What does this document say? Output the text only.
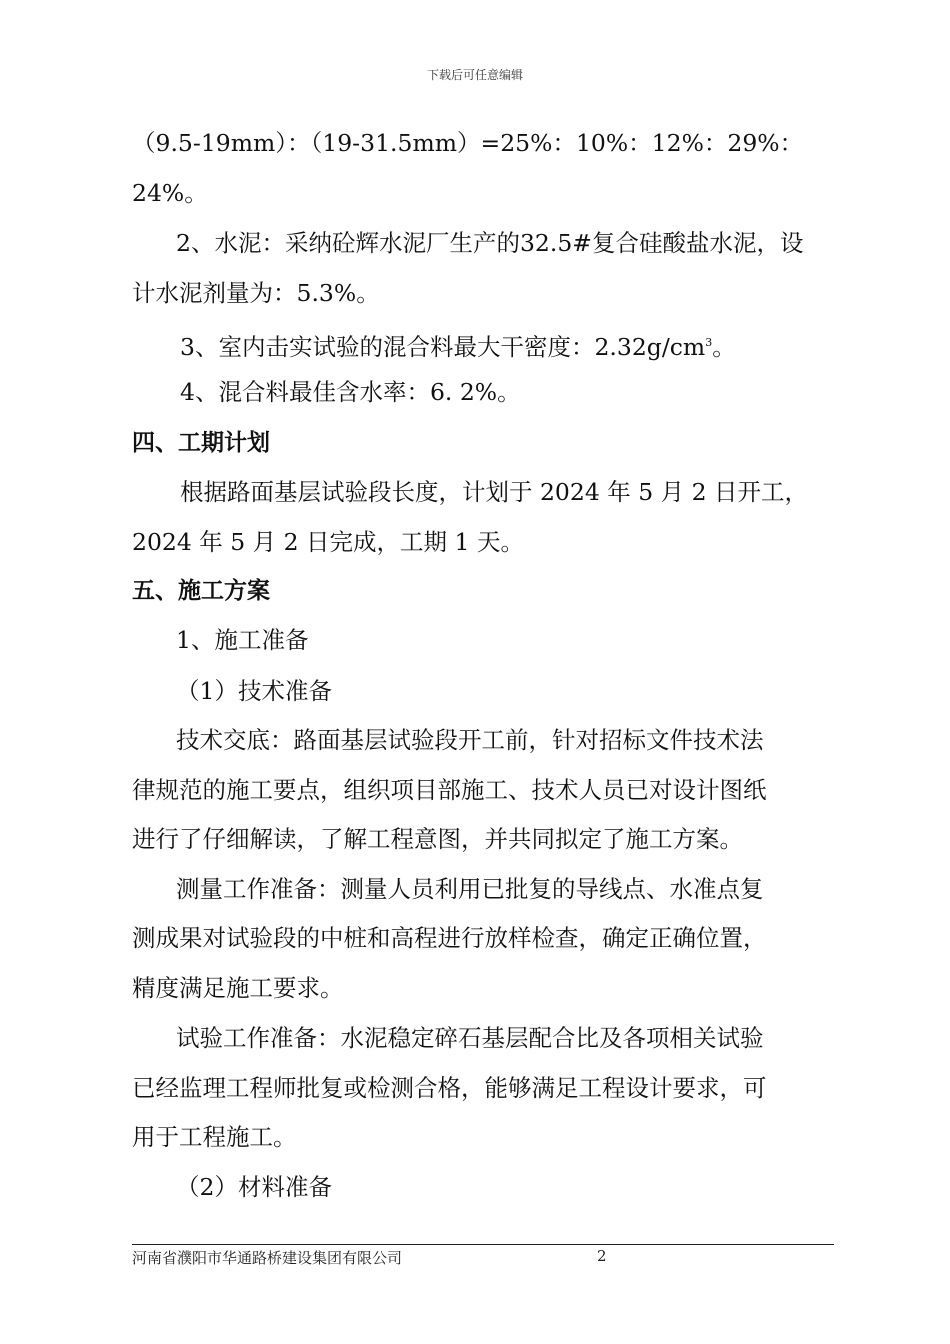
下载后可任意编辑
（9.5-19mm）：（19-31.5mm）=25%：10%：12%：29%：
24%。
2、水泥：采纳砼辉水泥厂生产的32.5#复合硅酸盐水泥，设
计水泥剂量为：5.3%。
3、室内击实试验的混合料最大干密度：$2.32g/cm^3$。
4、混合料最佳含水率：6. 2%。
四、工期计划
根据路面基层试验段长度，计划于 2024 年 5 月 2 日开工，
2024 年 5 月 2 日完成，工期 1 天。
五、施工方案
1、施工准备
（1）技术准备
技术交底：路面基层试验段开工前，针对招标文件技术法
律规范的施工要点，组织项目部施工、技术人员已对设计图纸
进行了仔细解读，了解工程意图，并共同拟定了施工方案。
测量工作准备：测量人员利用已批复的导线点、水准点复
测成果对试验段的中桩和高程进行放样检查，确定正确位置，
精度满足施工要求。
试验工作准备：水泥稳定碎石基层配合比及各项相关试验
已经监理工程师批复或检测合格，能够满足工程设计要求，可
用于工程施工。
（2）材料准备
河南省濮阳市华通路桥建设集团有限公司	2
